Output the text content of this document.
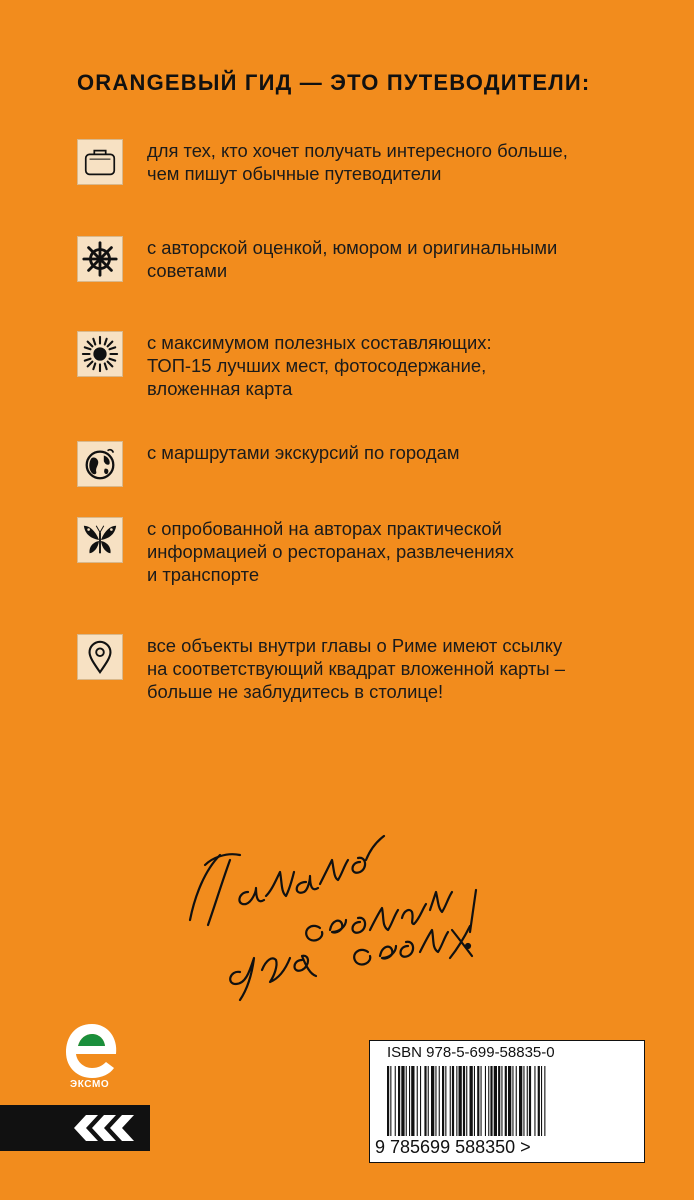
ORANGEВЫЙ ГИД — ЭТО ПУТЕВОДИТЕЛИ:
для тех, кто хочет получать интересного больше,
чем пишут обычные путеводители
с авторской оценкой, юмором и оригинальными
советами
с максимумом полезных составляющих:
ТОП-15 лучших мест, фотосодержание,
вложенная карта
с маршрутами экскурсий по городам
с опробованной на авторах практической
информацией о ресторанах, развлечениях
и транспорте
все объекты внутри главы о Риме имеют ссылку
на соответствующий квадрат вложенной карты –
больше не заблудитесь в столице!
ЭКСМО
ISBN 978-5-699-58835-0
9 785699 588350 >
